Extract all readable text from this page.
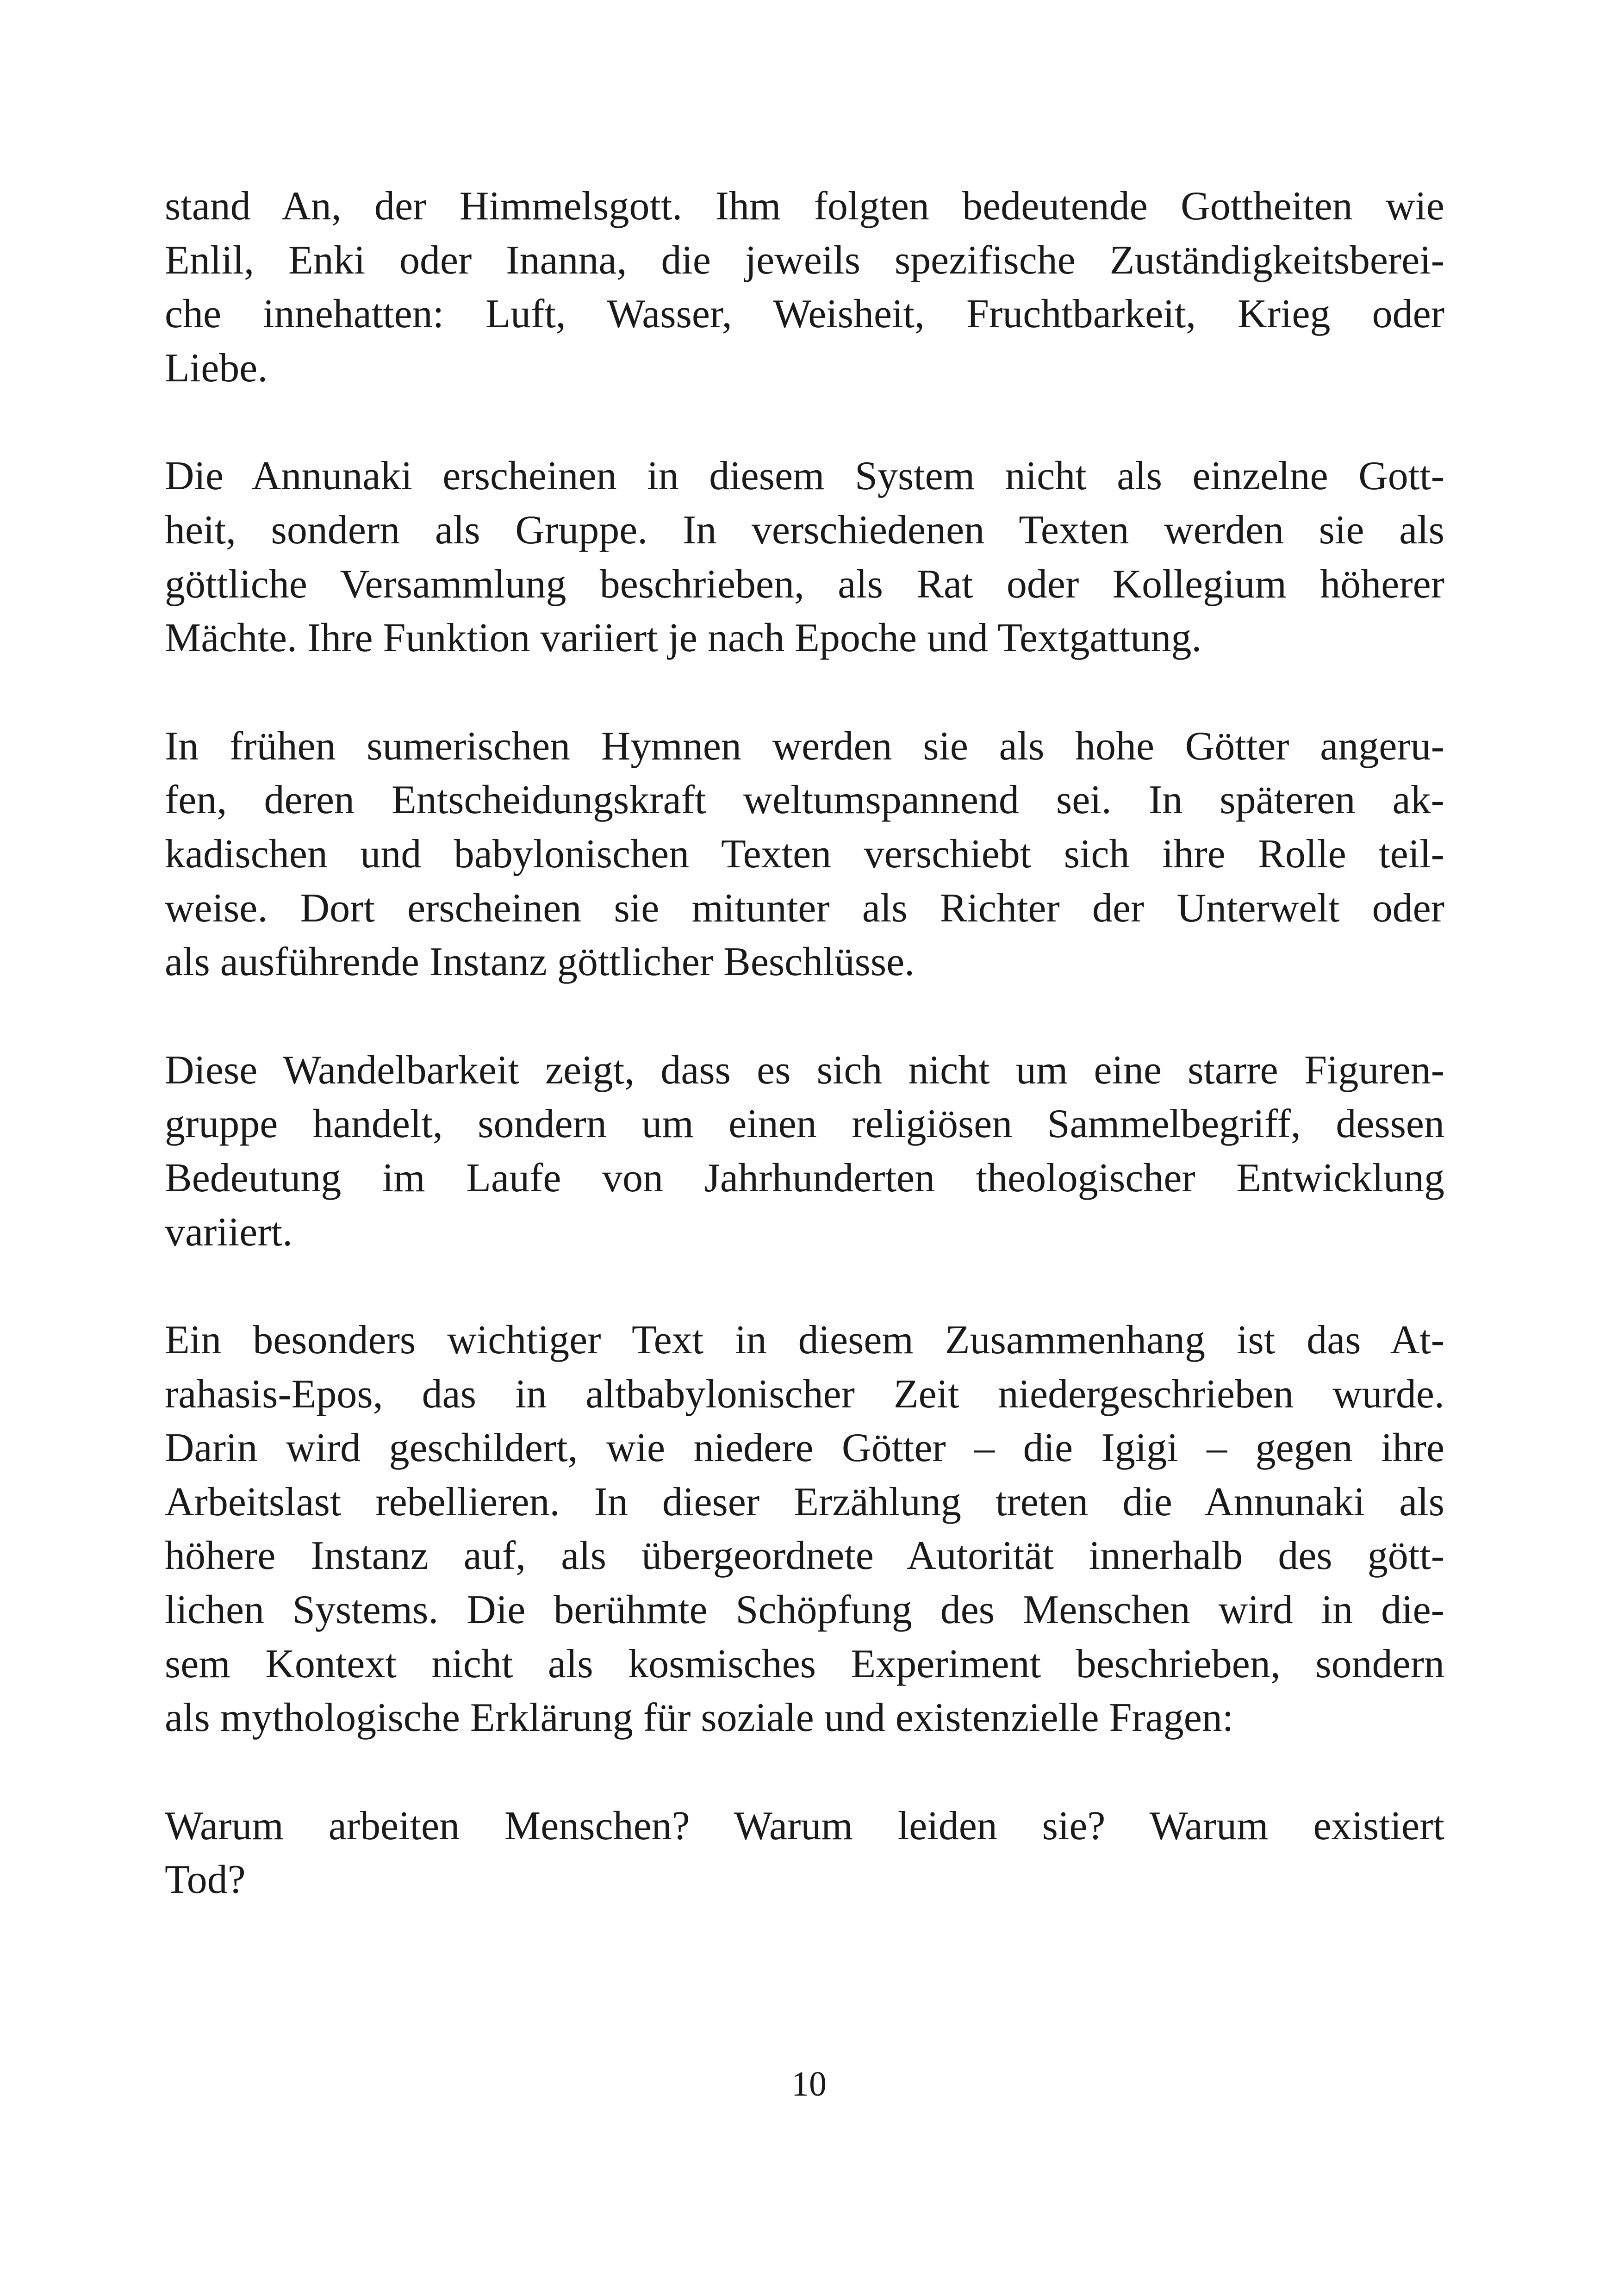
stand An, der Himmelsgott. Ihm folgten bedeutende Gottheiten wie
Enlil, Enki oder Inanna, die jeweils spezifische Zuständigkeitsberei-
che innehatten: Luft, Wasser, Weisheit, Fruchtbarkeit, Krieg oder
Liebe.

Die Annunaki erscheinen in diesem System nicht als einzelne Gott-
heit, sondern als Gruppe. In verschiedenen Texten werden sie als
göttliche Versammlung beschrieben, als Rat oder Kollegium höherer
Mächte. Ihre Funktion variiert je nach Epoche und Textgattung.

In frühen sumerischen Hymnen werden sie als hohe Götter angeru-
fen, deren Entscheidungskraft weltumspannend sei. In späteren ak-
kadischen und babylonischen Texten verschiebt sich ihre Rolle teil-
weise. Dort erscheinen sie mitunter als Richter der Unterwelt oder
als ausführende Instanz göttlicher Beschlüsse.

Diese Wandelbarkeit zeigt, dass es sich nicht um eine starre Figuren-
gruppe handelt, sondern um einen religiösen Sammelbegriff, dessen
Bedeutung im Laufe von Jahrhunderten theologischer Entwicklung
variiert.

Ein besonders wichtiger Text in diesem Zusammenhang ist das At-
rahasis-Epos, das in altbabylonischer Zeit niedergeschrieben wurde.
Darin wird geschildert, wie niedere Götter – die Igigi – gegen ihre
Arbeitslast rebellieren. In dieser Erzählung treten die Annunaki als
höhere Instanz auf, als übergeordnete Autorität innerhalb des gött-
lichen Systems. Die berühmte Schöpfung des Menschen wird in die-
sem Kontext nicht als kosmisches Experiment beschrieben, sondern
als mythologische Erklärung für soziale und existenzielle Fragen:

Warum arbeiten Menschen? Warum leiden sie? Warum existiert
Tod?

10
